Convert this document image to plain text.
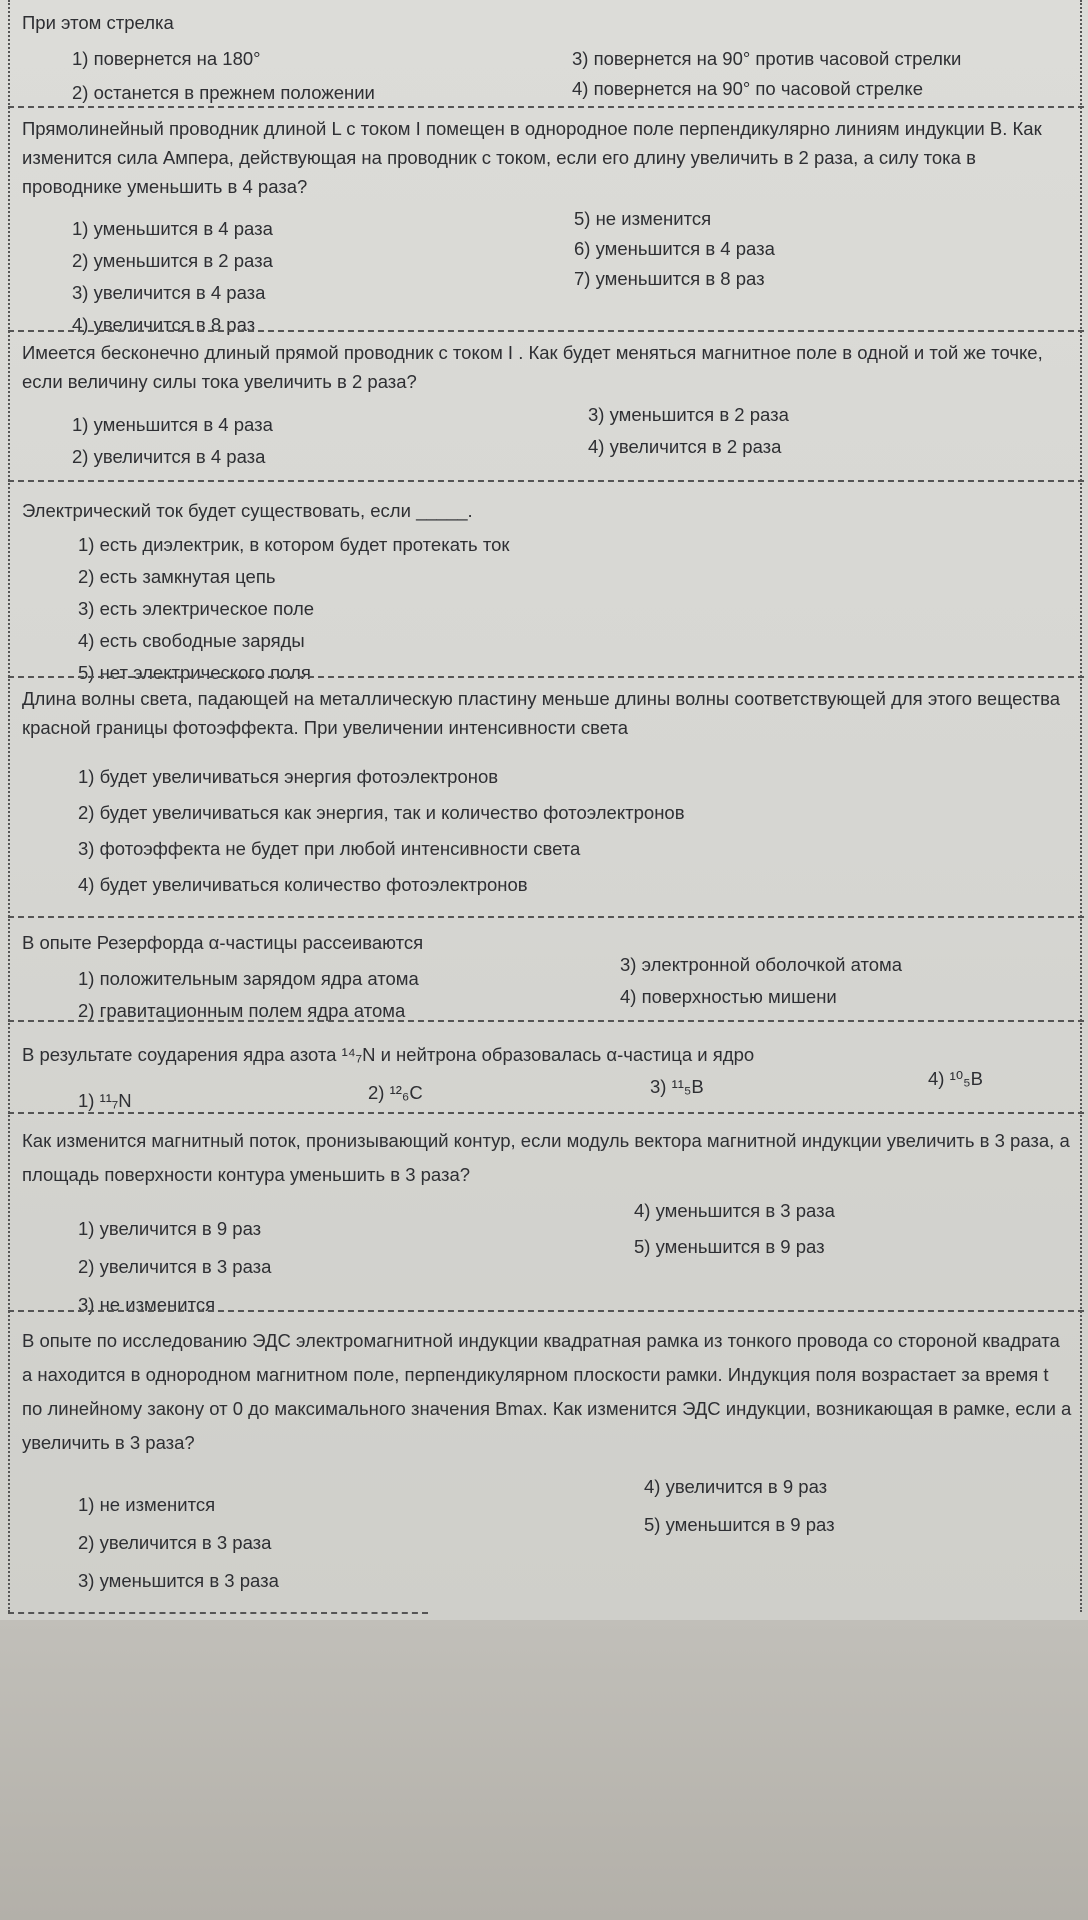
При этом стрелка

1) повернется на 180°	3) повернется на 90° против часовой стрелки
2) останется в прежнем положении	4) повернется на 90° по часовой стрелке

Прямолинейный проводник длиной L с током I помещен в однородное поле перпендикулярно линиям индукции B. Как изменится сила Ампера, действующая на проводник с током, если его длину увеличить в 2 раза, а силу тока в проводнике уменьшить в 4 раза?

1) уменьшится в 4 раза
2) уменьшится в 2 раза
3) увеличится в 4 раза
4) увеличится в 8 раз
5) не изменится
6) уменьшится в 4 раза
7) уменьшится в 8 раз

Имеется бесконечно длиный прямой проводник с током I . Как будет меняться магнитное поле в одной и той же точке, если величину силы тока увеличить в 2 раза?

1) уменьшится в 4 раза
2) увеличится в 4 раза
3) уменьшится в 2 раза
4) увеличится в 2 раза

Электрический ток будет существовать, если _____.

1) есть диэлектрик, в котором будет протекать ток
2) есть замкнутая цепь
3) есть электрическое поле
4) есть свободные заряды
5) нет электрического поля

Длина волны света, падающей на металлическую пластину меньше длины волны соответствующей для этого вещества красной границы фотоэффекта. При увеличении интенсивности света

1) будет увеличиваться энергия фотоэлектронов
2) будет увеличиваться как энергия, так и количество фотоэлектронов
3) фотоэффекта не будет при любой интенсивности света
4) будет увеличиваться количество фотоэлектронов

В опыте Резерфорда α-частицы рассеиваются

1) положительным зарядом ядра атома
2) гравитационным полем ядра атома
3) электронной оболочкой атома
4) поверхностью мишени

В результате соударения ядра азота ¹⁴₇N и нейтрона образовалась α-частица и ядро

1) ¹¹₇N	2) ¹²₆C	3) ¹¹₅B	4) ¹⁰₅B

Как изменится магнитный поток, пронизывающий контур, если модуль вектора магнитной индукции увеличить в 3 раза, а площадь поверхности контура уменьшить в 3 раза?

1) увеличится в 9 раз
2) увеличится в 3 раза
3) не изменится
4) уменьшится в 3 раза
5) уменьшится в 9 раз

В опыте по исследованию ЭДС электромагнитной индукции квадратная рамка из тонкого провода со стороной квадрата a находится в однородном магнитном поле, перпендикулярном плоскости рамки. Индукция поля возрастает за время t по линейному закону от 0 до максимального значения Bmax. Как изменится ЭДС индукции, возникающая в рамке, если a увеличить в 3 раза?

1) не изменится
2) увеличится в 3 раза
3) уменьшится в 3 раза
4) увеличится в 9 раз
5) уменьшится в 9 раз
